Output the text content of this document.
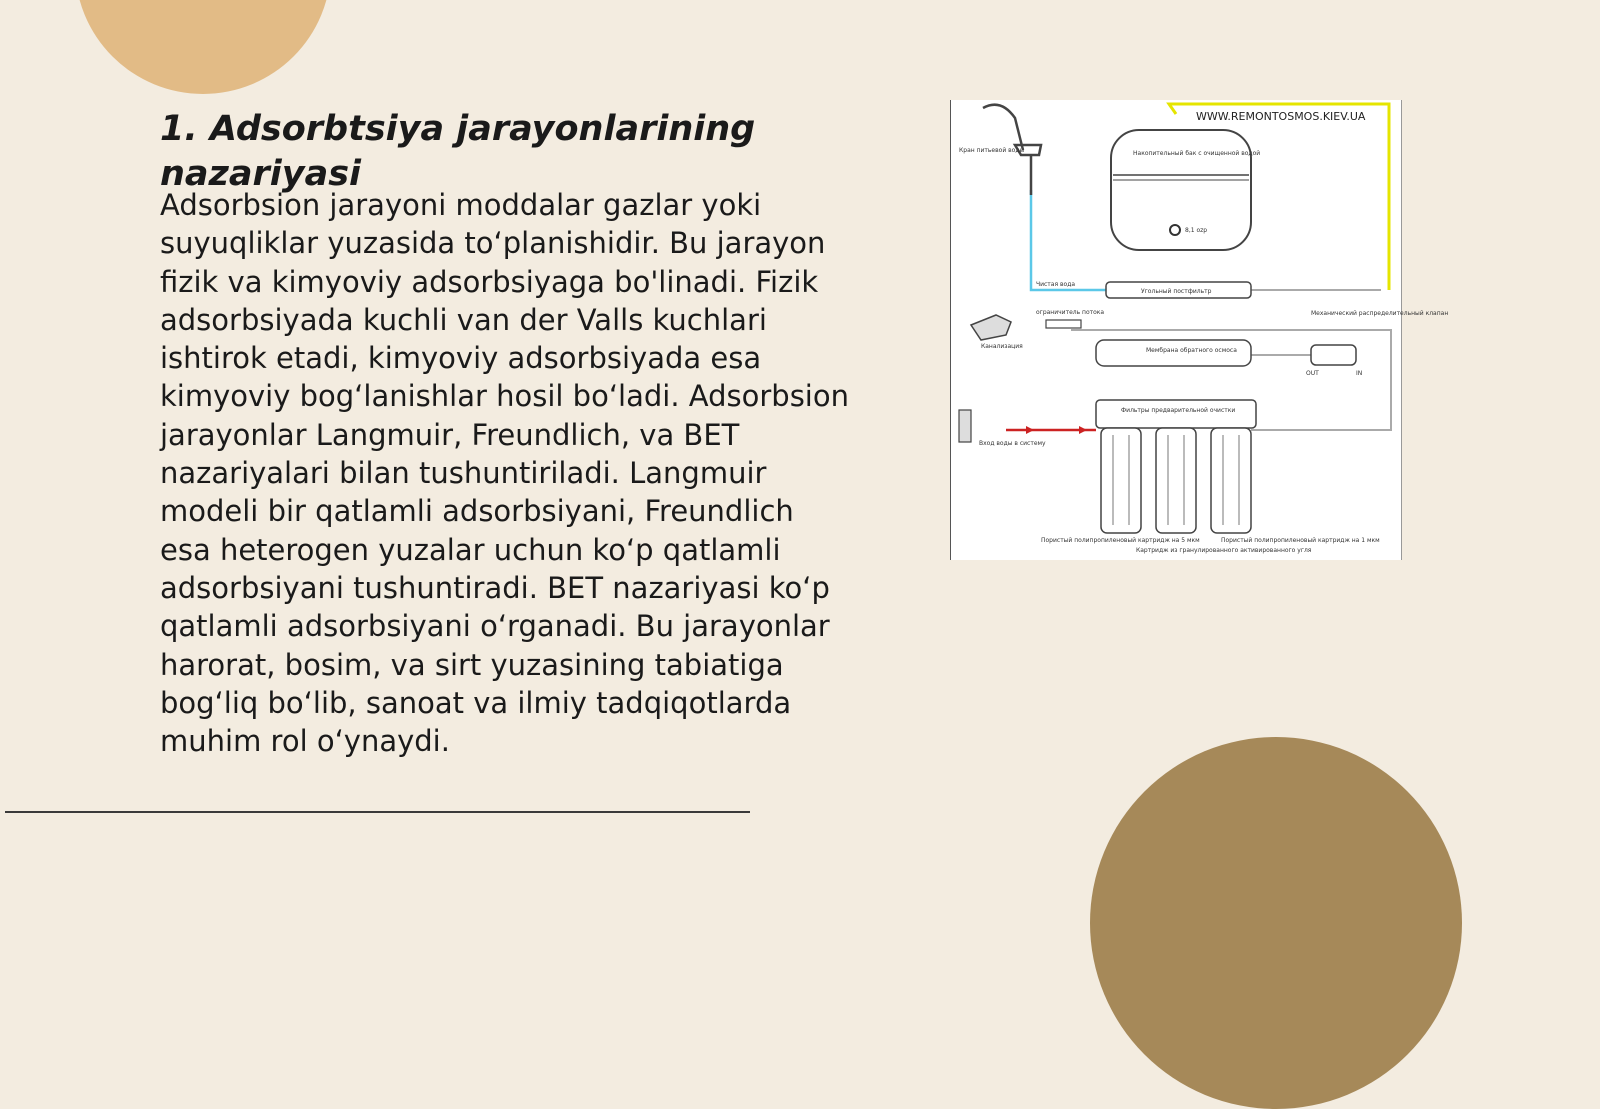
1. Adsorbtsiya jarayonlarining nazariyasi

Adsorbsion jarayoni moddalar gazlar yoki suyuqliklar yuzasida to‘planishidir. Bu jarayon fizik va kimyoviy adsorbsiyaga bo'linadi. Fizik adsorbsiyada kuchli van der Valls kuchlari ishtirok etadi, kimyoviy adsorbsiyada esa kimyoviy bog‘lanishlar hosil bo‘ladi. Adsorbsion jarayonlar Langmuir, Freundlich, va BET nazariyalari bilan tushuntiriladi. Langmuir modeli bir qatlamli adsorbsiyani, Freundlich esa heterogen yuzalar uchun ko‘p qatlamli adsorbsiyani tushuntiradi. BET nazariyasi ko‘p qatlamli adsorbsiyani o‘rganadi. Bu jarayonlar harorat, bosim, va sirt yuzasining tabiatiga bog‘liq bo‘lib, sanoat va ilmiy tadqiqotlarda muhim rol o‘ynaydi.

Кран питьевой воды
WWW.REMONTOSMOS.KIEV.UA
Накопительный бак с очищенной водой
8,1 ozp
Чистая вода
Угольный постфильтр
ограничитель потока
Канализация
Мембрана обратного осмоса
Механический распределительный клапан
OUT	IN
Фильтры предварительной очистки
Вход воды в систему
Пористый полипропиленовый картридж на 5 мкм
Картридж из гранулированного активированного угля
Пористый полипропиленовый картридж на 1 мкм
